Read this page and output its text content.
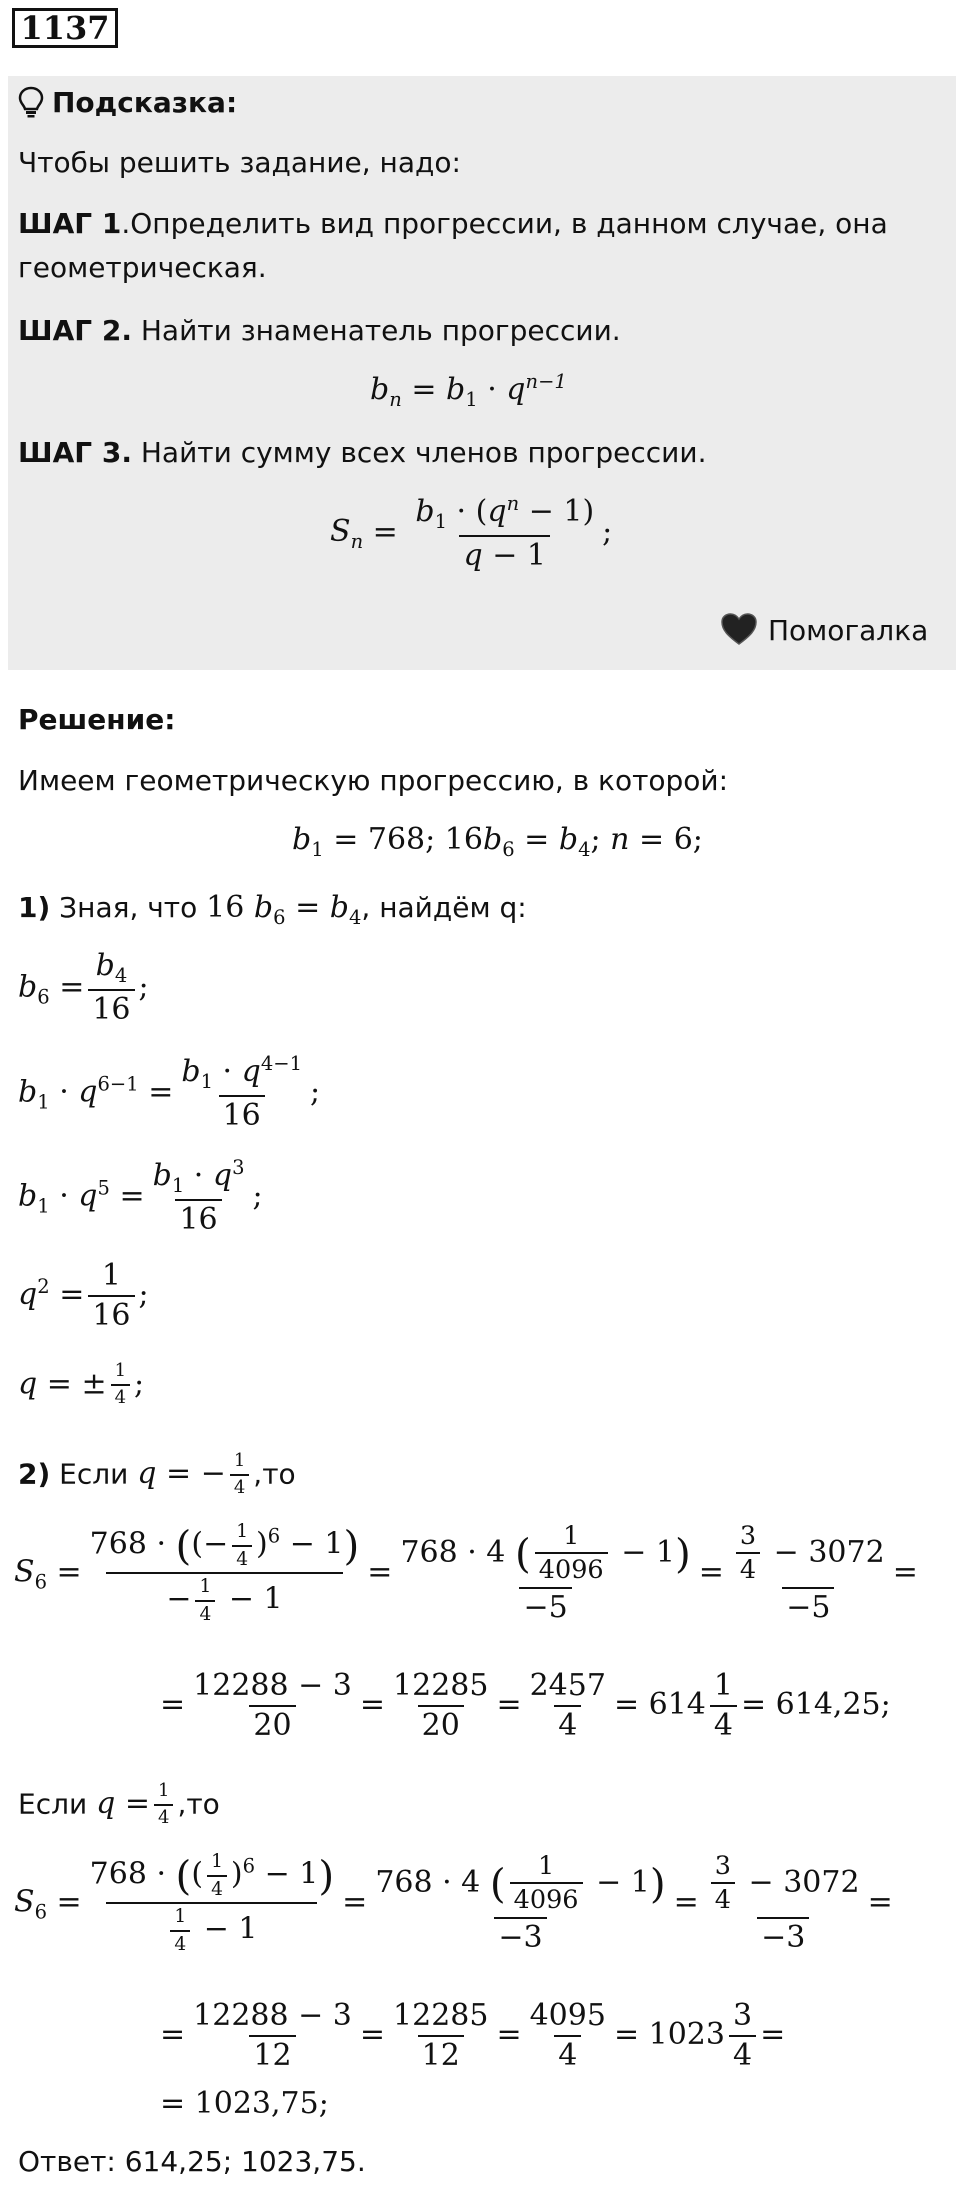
1137
Подсказка:
Чтобы решить задание, надо:
ШАГ 1.Определить вид прогрессии, в данном случае, она
геометрическая.
ШАГ 2. Найти знаменатель прогрессии.
$b_n = b_1 \cdot q^{n-1}$
ШАГ 3. Найти сумму всех членов прогрессии.
$S_n = \frac{b_1 \cdot (q^n - 1)}{q - 1}$ ;
Помогалка
Решение:
Имеем геометрическую прогрессию, в которой:
$b_1 = 768$; $16b_6 = b_4$; n = 6;
1) Зная, что 16 $b_6 = b_4$, найдём q:
$b_6 = \frac{b_4}{16}$ ;
$b_1 \cdot q^{6-1} = \frac{b_1 \cdot q^{4-1}}{16}$ ;
$b_1 \cdot q^5 = \frac{b_1 \cdot q^3}{16}$ ;
$q^2 = \frac{1}{16}$ ;
q = ± $\frac{1}{4}$ ;
2) Если q = − $\frac{1}{4} ,то$
$S_6 = \frac{768 \cdot ((- \frac{1}{4} )^6 - 1)}{- \frac{1}{4} - 1} = \frac{768 \cdot 4 ( \frac{1}{4096} - 1)}{-5} = \frac{\frac{3}{4} - 3072}{-5}$ =
= $\frac{12288 - 3}{20} = \frac{12285}{20} = \frac{2457}{4} = 614 \frac{1}{4} = 614,25$;
Если $q = \frac{1}{4} ,то$
$S_6 = \frac{768 \cdot (( \frac{1}{4} )^6 - 1)}{\frac{1}{4} - 1} = \frac{768 \cdot 4 ( \frac{1}{4096} - 1)}{-3} = \frac{\frac{3}{4} - 3072}{-3}$ =
= $\frac{12288 - 3}{12} = \frac{12285}{12} = \frac{4095}{4} = 1023 \frac{3}{4}$ =
= 1023,75;
Ответ: 614,25; 1023,75.
